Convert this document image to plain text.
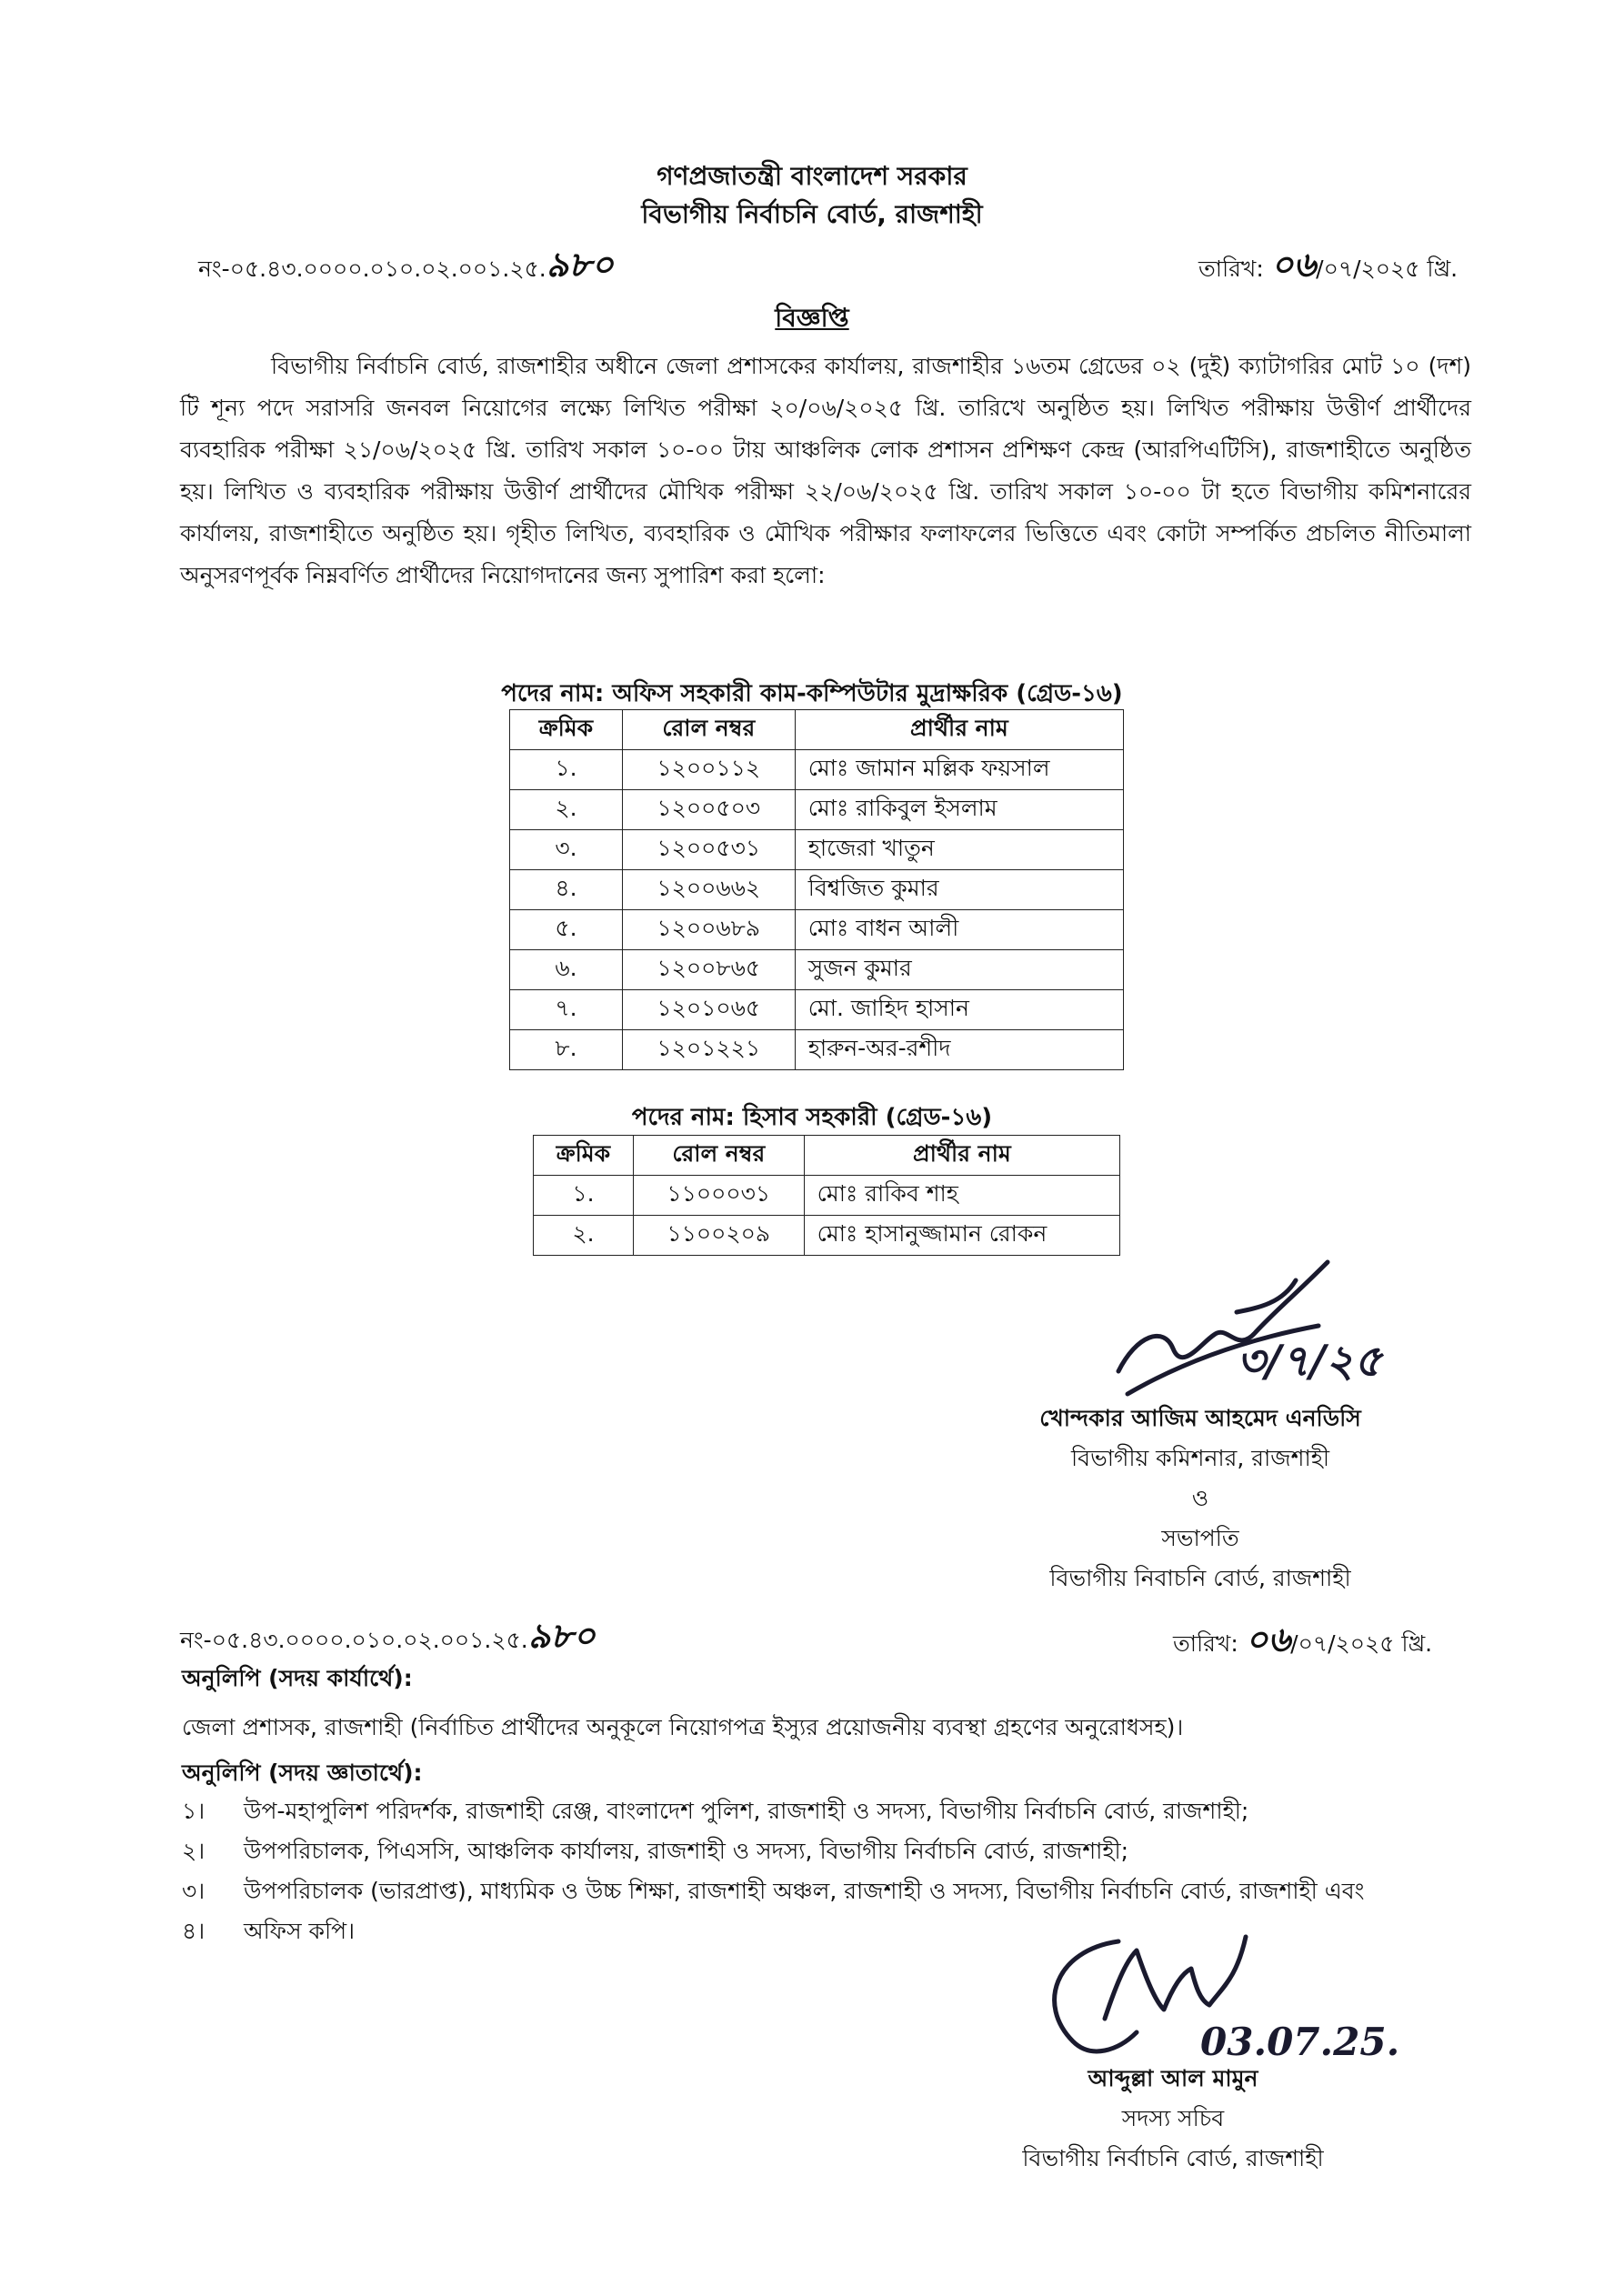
গণপ্রজাতন্ত্রী বাংলাদেশ সরকার
বিভাগীয় নির্বাচনি বোর্ড, রাজশাহী
নং-০৫.৪৩.০০০০.০১০.০২.০০১.২৫.৯৮০	তারিখ: ০৬/০৭/২০২৫ খ্রি.
বিজ্ঞপ্তি
বিভাগীয় নির্বাচনি বোর্ড, রাজশাহীর অধীনে জেলা প্রশাসকের কার্যালয়, রাজশাহীর ১৬তম গ্রেডের ০২ (দুই) ক্যাটাগরির মোট ১০ (দশ) টি শূন্য পদে সরাসরি জনবল নিয়োগের লক্ষ্যে লিখিত পরীক্ষা ২০/০৬/২০২৫ খ্রি. তারিখে অনুষ্ঠিত হয়। লিখিত পরীক্ষায় উত্তীর্ণ প্রার্থীদের ব্যবহারিক পরীক্ষা ২১/০৬/২০২৫ খ্রি. তারিখ সকাল ১০-০০ টায় আঞ্চলিক লোক প্রশাসন প্রশিক্ষণ কেন্দ্র (আরপিএটিসি), রাজশাহীতে অনুষ্ঠিত হয়। লিখিত ও ব্যবহারিক পরীক্ষায় উত্তীর্ণ প্রার্থীদের মৌখিক পরীক্ষা ২২/০৬/২০২৫ খ্রি. তারিখ সকাল ১০-০০ টা হতে বিভাগীয় কমিশনারের কার্যালয়, রাজশাহীতে অনুষ্ঠিত হয়। গৃহীত লিখিত, ব্যবহারিক ও মৌখিক পরীক্ষার ফলাফলের ভিত্তিতে এবং কোটা সম্পর্কিত প্রচলিত নীতিমালা অনুসরণপূর্বক নিম্নবর্ণিত প্রার্থীদের নিয়োগদানের জন্য সুপারিশ করা হলো:
পদের নাম: অফিস সহকারী কাম-কম্পিউটার মুদ্রাক্ষরিক (গ্রেড-১৬)
ক্রমিক	রোল নম্বর	প্রার্থীর নাম
১.	১২০০১১২	মোঃ জামান মল্লিক ফয়সাল
২.	১২০০৫০৩	মোঃ রাকিবুল ইসলাম
৩.	১২০০৫৩১	হাজেরা খাতুন
৪.	১২০০৬৬২	বিশ্বজিত কুমার
৫.	১২০০৬৮৯	মোঃ বাধন আলী
৬.	১২০০৮৬৫	সুজন কুমার
৭.	১২০১০৬৫	মো. জাহিদ হাসান
৮.	১২০১২২১	হারুন-অর-রশীদ
পদের নাম: হিসাব সহকারী (গ্রেড-১৬)
ক্রমিক	রোল নম্বর	প্রার্থীর নাম
১.	১১০০০৩১	মোঃ রাকিব শাহ
২.	১১০০২০৯	মোঃ হাসানুজ্জামান রোকন
৩/৭/২৫
খোন্দকার আজিম আহমেদ এনডিসি
বিভাগীয় কমিশনার, রাজশাহী
ও
সভাপতি
বিভাগীয় নিবাচনি বোর্ড, রাজশাহী
নং-০৫.৪৩.০০০০.০১০.০২.০০১.২৫.৯৮০	তারিখ: ০৬/০৭/২০২৫ খ্রি.
অনুলিপি (সদয় কার্যার্থে):
জেলা প্রশাসক, রাজশাহী (নির্বাচিত প্রার্থীদের অনুকূলে নিয়োগপত্র ইস্যুর প্রয়োজনীয় ব্যবস্থা গ্রহণের অনুরোধসহ)।
অনুলিপি (সদয় জ্ঞাতার্থে):
১। উপ-মহাপুলিশ পরিদর্শক, রাজশাহী রেঞ্জ, বাংলাদেশ পুলিশ, রাজশাহী ও সদস্য, বিভাগীয় নির্বাচনি বোর্ড, রাজশাহী;
২। উপপরিচালক, পিএসসি, আঞ্চলিক কার্যালয়, রাজশাহী ও সদস্য, বিভাগীয় নির্বাচনি বোর্ড, রাজশাহী;
৩। উপপরিচালক (ভারপ্রাপ্ত), মাধ্যমিক ও উচ্চ শিক্ষা, রাজশাহী অঞ্চল, রাজশাহী ও সদস্য, বিভাগীয় নির্বাচনি বোর্ড, রাজশাহী এবং
৪। অফিস কপি।
03.07.25.
আব্দুল্লা আল মামুন
সদস্য সচিব
বিভাগীয় নির্বাচনি বোর্ড, রাজশাহী
